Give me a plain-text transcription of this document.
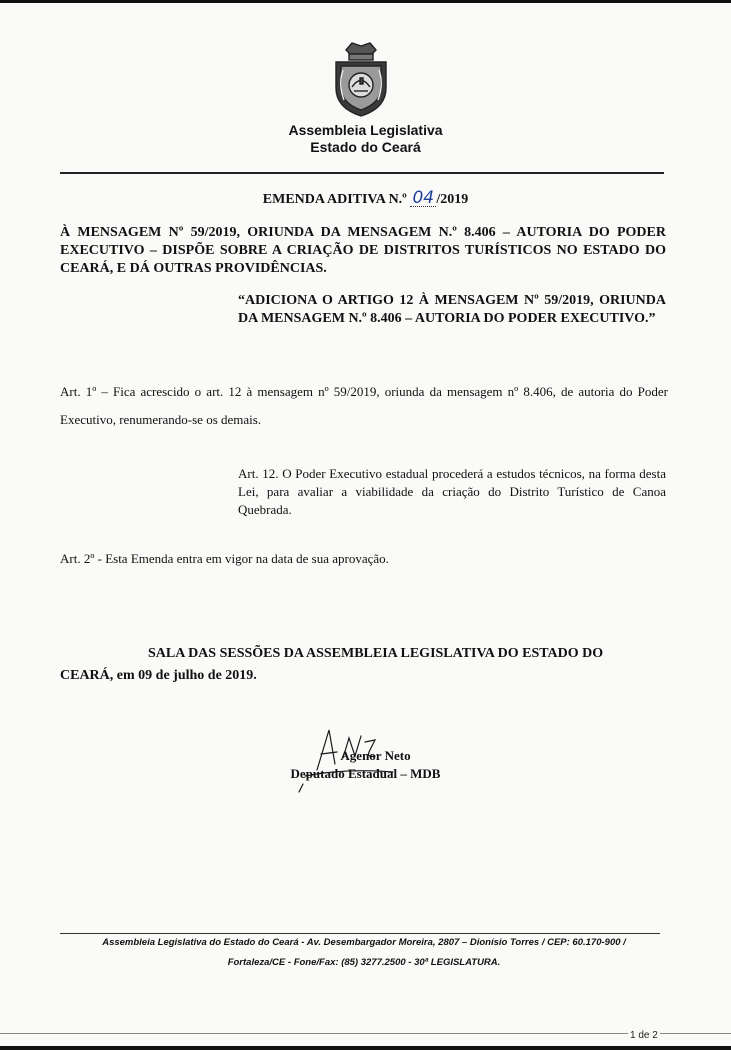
Assembleia Legislativa
Estado do Ceará
EMENDA ADITIVA N.º 04 /2019
À MENSAGEM Nº 59/2019, ORIUNDA DA MENSAGEM N.º 8.406 – AUTORIA DO PODER EXECUTIVO – DISPÕE SOBRE A CRIAÇÃO DE DISTRITOS TURÍSTICOS NO ESTADO DO CEARÁ, E DÁ OUTRAS PROVIDÊNCIAS.
“ADICIONA O ARTIGO 12 À MENSAGEM Nº 59/2019, ORIUNDA DA MENSAGEM N.º 8.406 – AUTORIA DO PODER EXECUTIVO.”
Art. 1º – Fica acrescido o art. 12 à mensagem nº 59/2019, oriunda da mensagem nº 8.406, de autoria do Poder Executivo, renumerando-se os demais.
Art. 12. O Poder Executivo estadual procederá a estudos técnicos, na forma desta Lei, para avaliar a viabilidade da criação do Distrito Turístico de Canoa Quebrada.
Art. 2º - Esta Emenda entra em vigor na data de sua aprovação.
SALA DAS SESSÕES DA ASSEMBLEIA LEGISLATIVA DO ESTADO DO CEARÁ, em 09 de julho de 2019.
Agenor Neto
Deputado Estadual – MDB
Assembleia Legislativa do Estado do Ceará - Av. Desembargador Moreira, 2807 – Dionísio Torres / CEP: 60.170-900 /
Fortaleza/CE - Fone/Fax: (85) 3277.2500 - 30ª LEGISLATURA.
1 de 2
